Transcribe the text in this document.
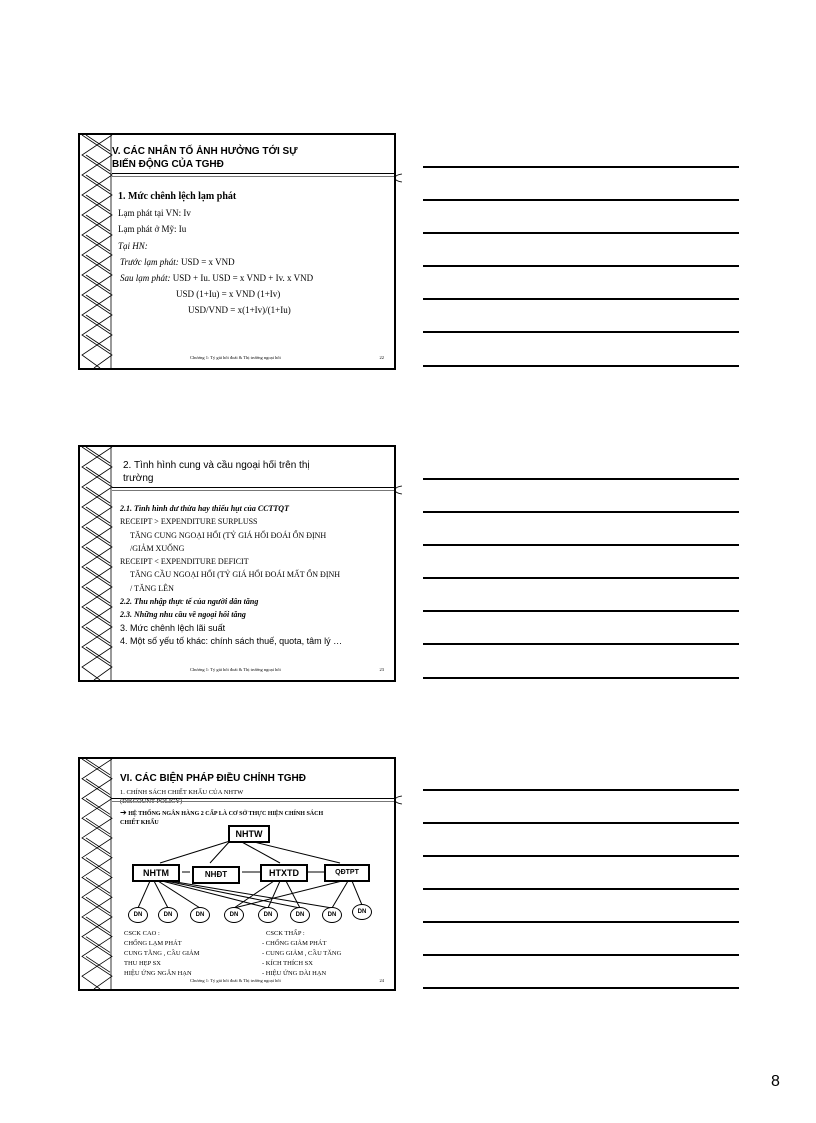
V. CÁC NHÂN TỐ ẢNH HƯỞNG TỚI SỰ
BIẾN ĐỘNG CỦA TGHĐ
1. Mức chênh lệch lạm phát
Lạm phát tại VN: Iv
Lạm phát ở Mỹ: Iu
Tại HN:
Trước lạm phát: USD = x VND
Sau lạm phát: USD + Iu. USD = x VND + Iv. x VND
USD (1+Iu) = x VND (1+Iv)
USD/VND = x(1+Iv)/(1+Iu)
Chương 1: Tỷ giá hối đoái & Thị trường ngoại hối	22
2. Tình hình cung và cầu ngoại hối trên thị
trường
2.1. Tình hình dư thừa hay thiếu hụt của CCTTQT
RECEIPT > EXPENDITURE SURPLUSS
TĂNG CUNG NGOẠI HỐI (TỶ GIÁ HỐI ĐOÁI ỔN ĐỊNH
/GIẢM XUỐNG
RECEIPT < EXPENDITURE DEFICIT
TĂNG CẦU NGOẠI HỐI (TỶ GIÁ HỐI ĐOÁI MẤT ỔN ĐỊNH
/ TĂNG LÊN
2.2. Thu nhập thực tế của người dân tăng
2.3. Những nhu cầu về ngoại hối tăng
3. Mức chênh lệch lãi suất
4. Một số yếu tố khác: chính sách thuế, quota, tâm lý …
Chương 1: Tỷ giá hối đoái & Thị trường ngoại hối	23
VI. CÁC BIỆN PHÁP ĐIỀU CHỈNH TGHĐ
1. CHÍNH SÁCH CHIẾT KHẤU CỦA NHTW
(DISCOUNT POLICY)
➔ HỆ THỐNG NGÂN HÀNG 2 CẤP LÀ CƠ SỞ THỰC HIỆN CHÍNH SÁCH
CHIẾT KHẤU
NHTW
NHTM	NHĐT	HTXTD	QĐTPT
DN	DN	DN	DN	DN	DN	DN	DN
CSCK CAO :
CHỐNG LẠM PHÁT
CUNG TĂNG , CẦU GIẢM
THU HẸP SX
HIỆU ỨNG NGẮN HẠN
CSCK THẤP :
- CHỐNG GIẢM PHÁT
- CUNG GIẢM , CẦU TĂNG
- KÍCH THÍCH SX
- HIỆU ỨNG DÀI HẠN
Chương 1: Tỷ giá hối đoái & Thị trường ngoại hối	24
8
